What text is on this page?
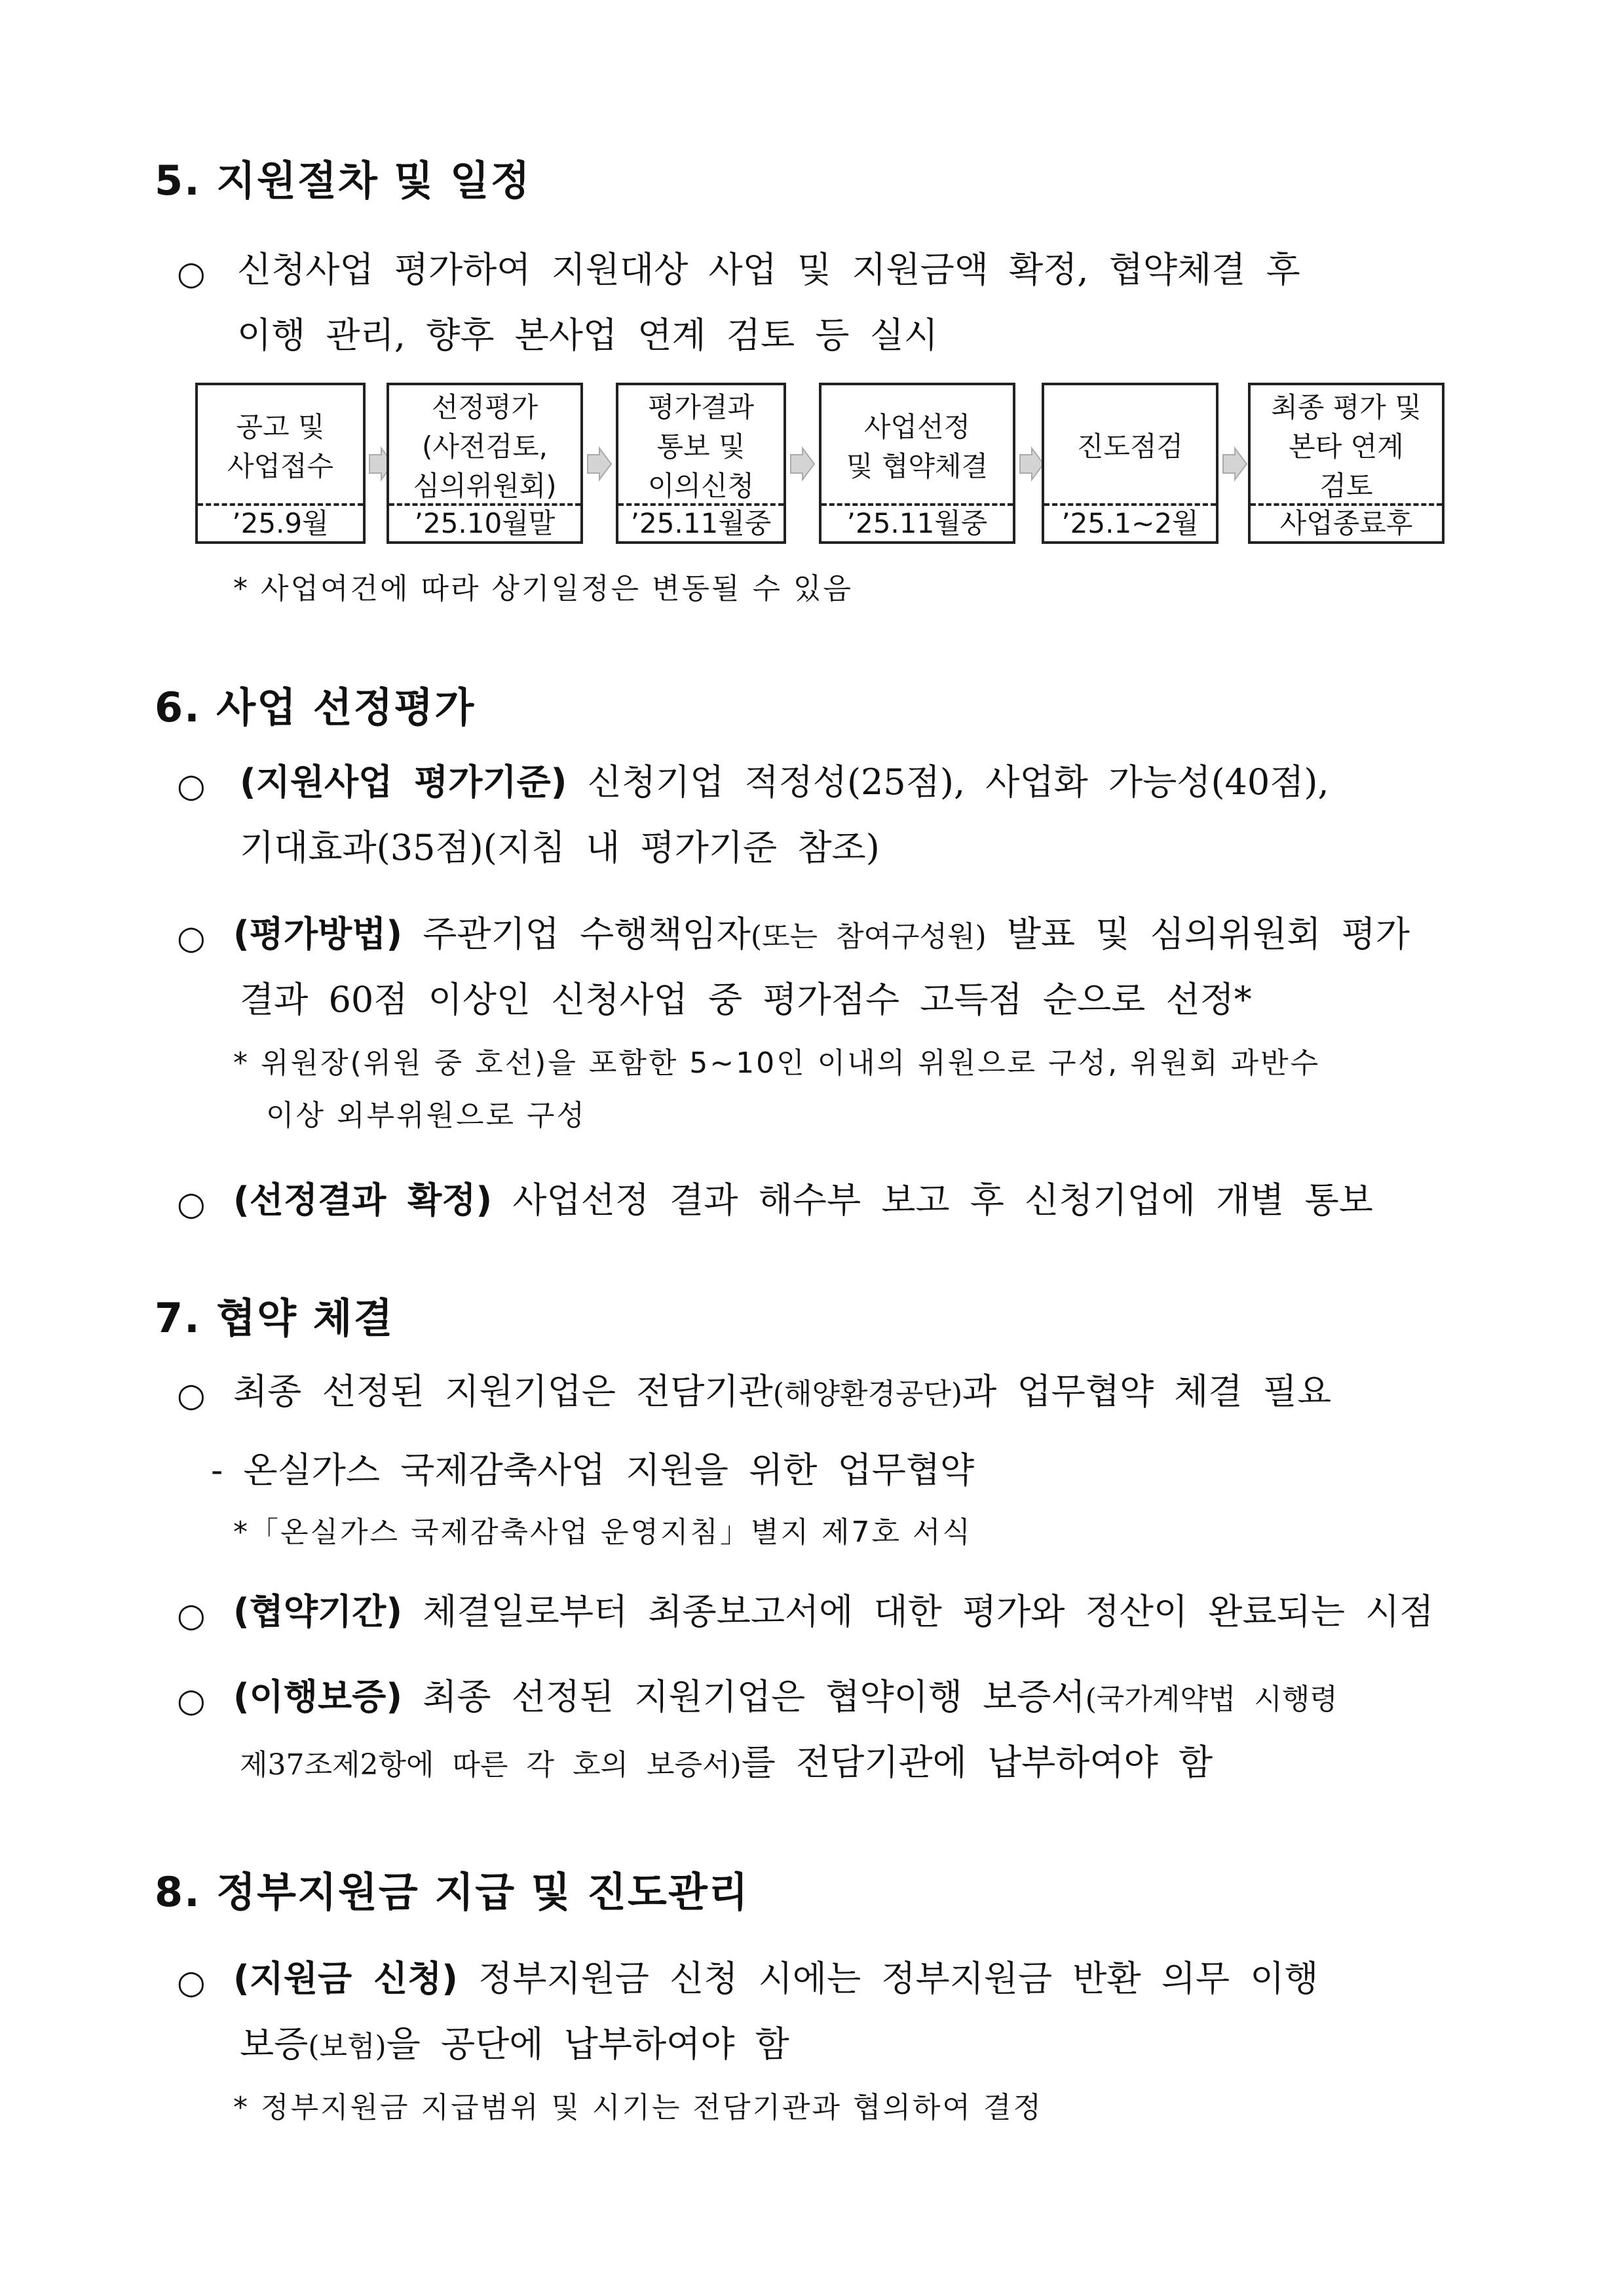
5. 지원절차 및 일정
○ 신청사업 평가하여 지원대상 사업 및 지원금액 확정, 협약체결 후
이행 관리, 향후 본사업 연계 검토 등 실시
공고 및
사업접수
’25.9월
선정평가
(사전검토,
심의위원회)
’25.10월말
평가결과
통보 및
이의신청
’25.11월중
사업선정
및 협약체결
’25.11월중
진도점검
’25.1~2월
최종 평가 및
본타 연계
검토
사업종료후
* 사업여건에 따라 상기일정은 변동될 수 있음
6. 사업 선정평가
○ (지원사업 평가기준) 신청기업 적정성(25점), 사업화 가능성(40점),
기대효과(35점)(지침 내 평가기준 참조)
○ (평가방법) 주관기업 수행책임자(또는 참여구성원) 발표 및 심의위원회 평가
결과 60점 이상인 신청사업 중 평가점수 고득점 순으로 선정*
* 위원장(위원 중 호선)을 포함한 5~10인 이내의 위원으로 구성, 위원회 과반수
이상 외부위원으로 구성
○ (선정결과 확정) 사업선정 결과 해수부 보고 후 신청기업에 개별 통보
7. 협약 체결
○ 최종 선정된 지원기업은 전담기관(해양환경공단)과 업무협약 체결 필요
- 온실가스 국제감축사업 지원을 위한 업무협약
*「온실가스 국제감축사업 운영지침」별지 제7호 서식
○ (협약기간) 체결일로부터 최종보고서에 대한 평가와 정산이 완료되는 시점
○ (이행보증) 최종 선정된 지원기업은 협약이행 보증서(국가계약법 시행령
제37조제2항에 따른 각 호의 보증서)를 전담기관에 납부하여야 함
8. 정부지원금 지급 및 진도관리
○ (지원금 신청) 정부지원금 신청 시에는 정부지원금 반환 의무 이행
보증(보험)을 공단에 납부하여야 함
* 정부지원금 지급범위 및 시기는 전담기관과 협의하여 결정
